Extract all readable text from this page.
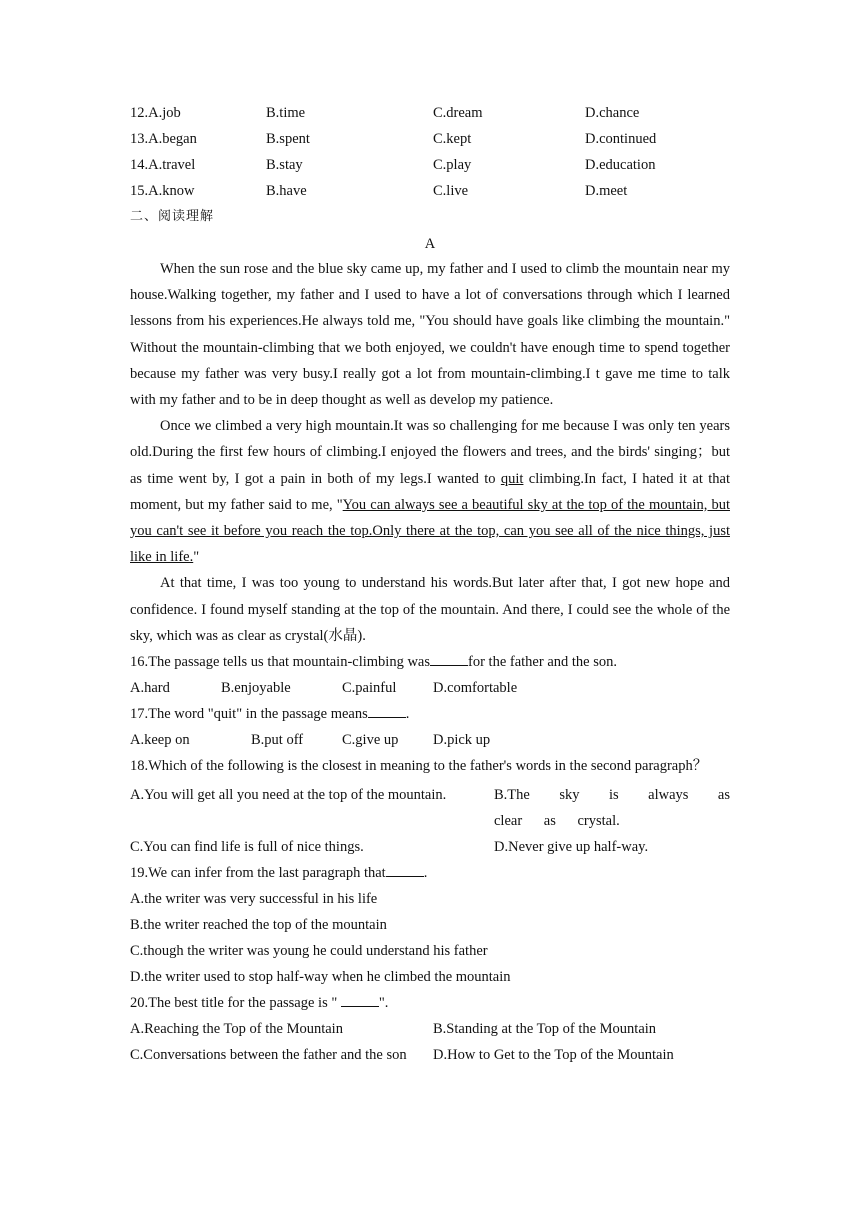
12.A.job	B.time	C.dream	D.chance
13.A.began	B.spent	C.kept	D.continued
14.A.travel	B.stay	C.play	D.education
15.A.know	B.have	C.live	D.meet
二、阅读理解
A

When the sun rose and the blue sky came up, my father and I used to climb the mountain near my house.Walking together, my father and I used to have a lot of conversations through which I learned lessons from his experiences.He always told me, "You should have goals like climbing the mountain." Without the mountain-climbing that we both enjoyed, we couldn't have enough time to spend together because my father was very busy.I really got a lot from mountain-climbing.I t gave me time to talk with my father and to be in deep thought as well as develop my patience.

Once we climbed a very high mountain.It was so challenging for me because I was only ten years old.During the first few hours of climbing.I enjoyed the flowers and trees, and the birds' singing；but as time went by, I got a pain in both of my legs.I wanted to quit climbing.In fact, I hated it at that moment, but my father said to me, "You can always see a beautiful sky at the top of the mountain, but you can't see it before you reach the top.Only there at the top, can you see all of the nice things, just like in life."

At that time, I was too young to understand his words.But later after that, I got new hope and confidence. I found myself standing at the top of the mountain. And there, I could see the whole of the sky, which was as clear as crystal(水晶).

16.The passage tells us that mountain-climbing was	for the father and the son.

A.hard	B.enjoyable	C.painful	D.comfortable

17.The word "quit" in the passage means	.

A.keep on	B.put off	C.give up	D.pick up

18.Which of the following is the closest in meaning to the father's words in the second paragraph？

A.You will get all you need at the top of the mountain.	B.The sky is always as clear as crystal.

C.You can find life is full of nice things.	D.Never give up half-way.

19.We can infer from the last paragraph that	.

A.the writer was very successful in his life

B.the writer reached the top of the mountain

C.though the writer was young he could understand his father

D.the writer used to stop half-way when he climbed the mountain

20.The best title for the passage is "	".

A.Reaching the Top of the Mountain	B.Standing at the Top of the Mountain
C.Conversations between the father and the son	D.How to Get to the Top of the Mountain
